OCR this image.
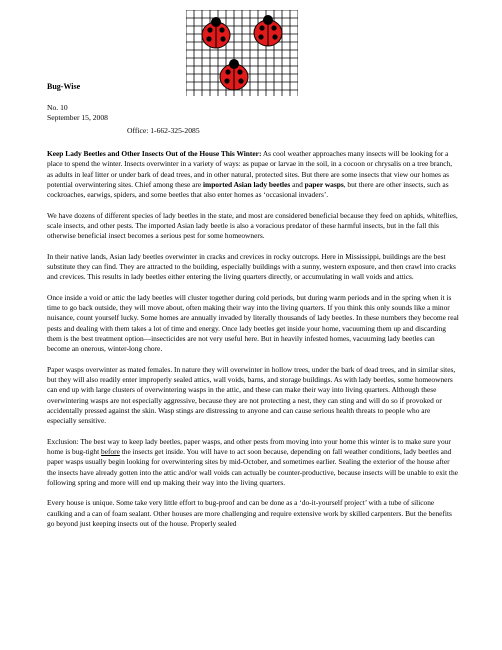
Bug-Wise
No. 10
September 15, 2008
Office: 1-662-325-2085

Keep Lady Beetles and Other Insects Out of the House This Winter: As cool weather approaches many insects will be looking for a place to spend the winter. Insects overwinter in a variety of ways: as pupae or larvae in the soil, in a cocoon or chrysalis on a tree branch, as adults in leaf litter or under bark of dead trees, and in other natural, protected sites. But there are some insects that view our homes as potential overwintering sites. Chief among these are imported Asian lady beetles and paper wasps, but there are other insects, such as cockroaches, earwigs, spiders, and some beetles that also enter homes as ‘occasional invaders’.

We have dozens of different species of lady beetles in the state, and most are considered beneficial because they feed on aphids, whiteflies, scale insects, and other pests. The imported Asian lady beetle is also a voracious predator of these harmful insects, but in the fall this otherwise beneficial insect becomes a serious pest for some homeowners.

In their native lands, Asian lady beetles overwinter in cracks and crevices in rocky outcrops. Here in Mississippi, buildings are the best substitute they can find. They are attracted to the building, especially buildings with a sunny, western exposure, and then crawl into cracks and crevices. This results in lady beetles either entering the living quarters directly, or accumulating in wall voids and attics.

Once inside a void or attic the lady beetles will cluster together during cold periods, but during warm periods and in the spring when it is time to go back outside, they will move about, often making their way into the living quarters. If you think this only sounds like a minor nuisance, count yourself lucky. Some homes are annually invaded by literally thousands of lady beetles. In these numbers they become real pests and dealing with them takes a lot of time and energy. Once lady beetles get inside your home, vacuuming them up and discarding them is the best treatment option—insecticides are not very useful here. But in heavily infested homes, vacuuming lady beetles can become an onerous, winter-long chore.

Paper wasps overwinter as mated females. In nature they will overwinter in hollow trees, under the bark of dead trees, and in similar sites, but they will also readily enter improperly sealed attics, wall voids, barns, and storage buildings. As with lady beetles, some homeowners can end up with large clusters of overwintering wasps in the attic, and these can make their way into living quarters. Although these overwintering wasps are not especially aggressive, because they are not protecting a nest, they can sting and will do so if provoked or accidentally pressed against the skin. Wasp stings are distressing to anyone and can cause serious health threats to people who are especially sensitive.

Exclusion: The best way to keep lady beetles, paper wasps, and other pests from moving into your home this winter is to make sure your home is bug-tight before the insects get inside. You will have to act soon because, depending on fall weather conditions, lady beetles and paper wasps usually begin looking for overwintering sites by mid-October, and sometimes earlier. Sealing the exterior of the house after the insects have already gotten into the attic and/or wall voids can actually be counter-productive, because insects will be unable to exit the following spring and more will end up making their way into the living quarters.

Every house is unique. Some take very little effort to bug-proof and can be done as a ‘do-it-yourself project’ with a tube of silicone caulking and a can of foam sealant. Other houses are more challenging and require extensive work by skilled carpenters. But the benefits go beyond just keeping insects out of the house. Properly sealed
